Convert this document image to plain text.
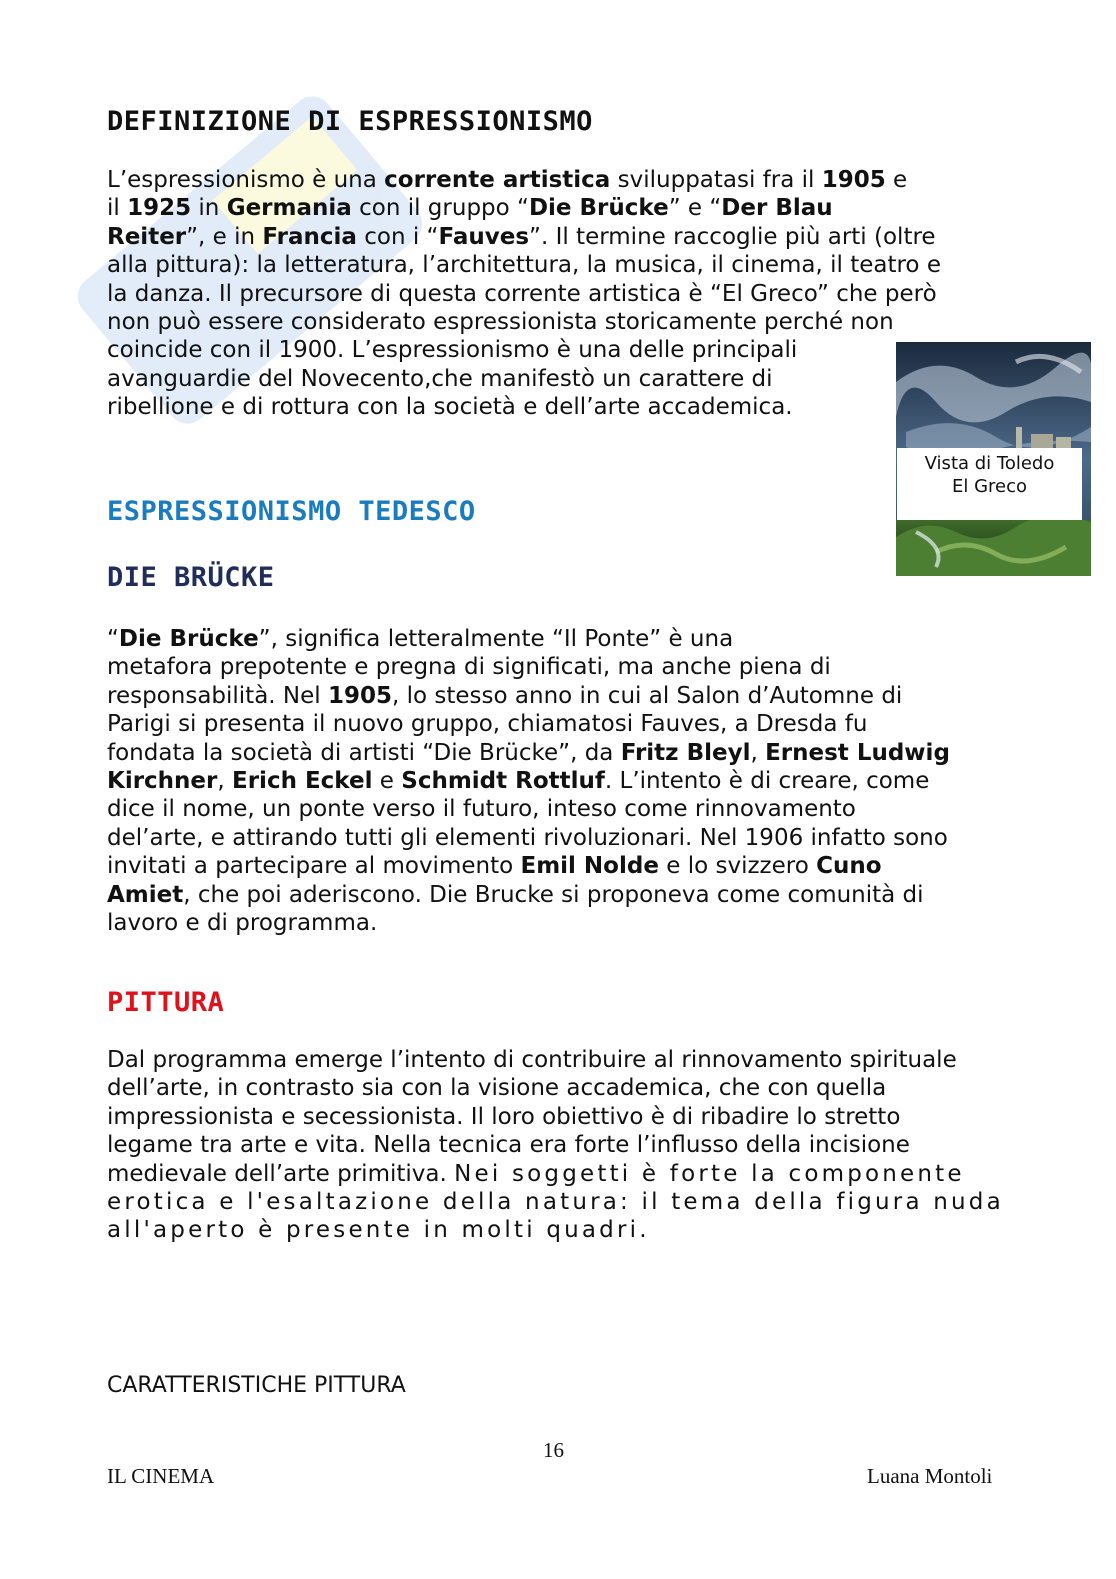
DEFINIZIONE DI ESPRESSIONISMO
L’espressionismo è una corrente artistica sviluppatasi fra il 1905 e
il 1925 in Germania con il gruppo “Die Brücke” e “Der Blau
Reiter”, e in Francia con i “Fauves”. Il termine raccoglie più arti (oltre
alla pittura): la letteratura, l’architettura, la musica, il cinema, il teatro e
la danza. Il precursore di questa corrente artistica è “El Greco” che però
non può essere considerato espressionista storicamente perché non
coincide con il 1900. L’espressionismo è una delle principali
avanguardie del Novecento,che manifestò un carattere di
ribellione e di rottura con la società e dell’arte accademica.
Vista di Toledo
El Greco
ESPRESSIONISMO TEDESCO
DIE BRÜCKE
“Die Brücke”, significa letteralmente “Il Ponte” è una
metafora prepotente e pregna di significati, ma anche piena di
responsabilità. Nel 1905, lo stesso anno in cui al Salon d’Automne di
Parigi si presenta il nuovo gruppo, chiamatosi Fauves, a Dresda fu
fondata la società di artisti “Die Brücke”, da Fritz Bleyl, Ernest Ludwig
Kirchner, Erich Eckel e Schmidt Rottluf. L’intento è di creare, come
dice il nome, un ponte verso il futuro, inteso come rinnovamento
del’arte, e attirando tutti gli elementi rivoluzionari. Nel 1906 infatto sono
invitati a partecipare al movimento Emil Nolde e lo svizzero Cuno
Amiet, che poi aderiscono. Die Brucke si proponeva come comunità di
lavoro e di programma.
PITTURA
Dal programma emerge l’intento di contribuire al rinnovamento spirituale
dell’arte, in contrasto sia con la visione accademica, che con quella
impressionista e secessionista. Il loro obiettivo è di ribadire lo stretto
legame tra arte e vita. Nella tecnica era forte l’influsso della incisione
medievale dell’arte primitiva. Nei soggetti è forte la componente
erotica e l'esaltazione della natura: il tema della figura nuda
all'aperto è presente in molti quadri.
CARATTERISTICHE PITTURA
16
IL CINEMA	Luana Montoli
